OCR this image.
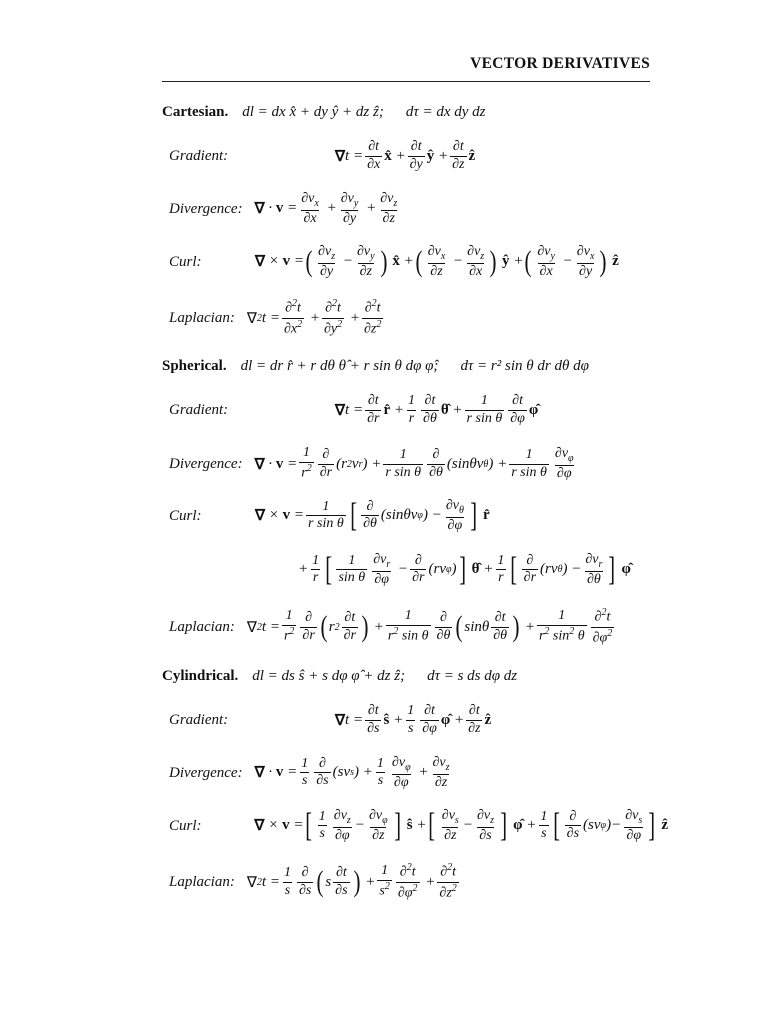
VECTOR DERIVATIVES
Cartesian. dl = dx x̂ + dy ŷ + dz ẑ; dτ = dx dy dz
Gradient:	∇ $t = \frac{\partial t}{\partial x}$ x̂ + $\frac{\partial t}{\partial y}$ ŷ + $\frac{\partial t}{\partial z}$ ẑ
Divergence: ∇ · $v = \frac{\partial v_x}{\partial x} + \frac{\partial v_y}{\partial y} + \frac{\partial v_z}{\partial z}$
Curl:	∇ × v = ( $\frac{\partial v_z}{\partial y} - \frac{\partial v_y}{\partial z}$ )
x̂ + ( $\frac{\partial v_x}{\partial z} - \frac{\partial v_z}{\partial x}$ )
ŷ + ( $\frac{\partial v_y}{\partial x} - \frac{\partial v_x}{\partial y}$ )
ẑ
Laplacian: ∇ 2 $t = \frac{\partial^2t}{\partial x^2} + \frac{\partial^2t}{\partial y^2} + \frac{\partial^2t}{\partial z^2}$
Spherical. dl = dr r̂ + r dθ θ̂ + r sin θ dφ φ̂; dτ = r² sin θ dr dθ dφ
Gradient:	∇ $t = \frac{\partial t}{\partial r}$ r̂ + $\frac{1}{r} \frac{\partial t}{\partial\theta}$ θ̂ + $\frac{1}{\text{r sin θ}} \frac{\partial t}{\partial\varphi}$ φ̂
Divergence: ∇ · $v = \frac{1}{r^2} \frac{\partial}{\partial r}$ ( r 2 v r ) + $\frac{1}{\text{r sin θ}} \frac{\partial}{\partial\theta} (\sin$ θ v θ ) + $\frac{1}{\text{r sin θ}} \frac{\partial v_\varphi}{\partial\varphi}$
Curl:	∇ × $v = \frac{1}{\text{r sin θ}}$ [ $\frac{\partial}{\partial\theta} (\sin$ θ v φ ) − $\frac{\partial v_\theta}{\partial\varphi}$ ]
r̂
+ $\frac{1}{r}$ [ $\frac{1}{\text{sin θ}} \frac{\partial v_r}{\partial\varphi} - \frac{\partial}{\partial r}$ ( r v φ ) ]
θ̂ + $\frac{1}{r}$ [ $\frac{\partial}{\partial r}$ ( r v θ ) − $\frac{\partial v_r}{\partial\theta}$ ]
φ̂
Laplacian: ∇ 2 $t = \frac{1}{r^2} \frac{\partial}{\partial r}$ ( r $2 \frac{\partial t}{\partial r}$ ) + $\frac{1}{r^2 \sin \theta} \frac{\partial}{\partial\theta}$ ( sin θ $\frac{\partial t}{\partial\theta}$ ) + $\frac{1}{r^2 \sin^2 \theta} \frac{\partial^2t}{\partial\varphi^2}$
Cylindrical. dl = ds ŝ + s dφ φ̂ + dz ẑ; dτ = s ds dφ dz
Gradient:	∇ $t = \frac{\partial t}{\partial s}$ ŝ + $\frac{1}{s} \frac{\partial t}{\partial\varphi}$ φ̂ + $\frac{\partial t}{\partial z}$ ẑ
Divergence: ∇ · $v = \frac{1}{s} \frac{\partial}{\partial s}$ ( s v s ) + $\frac{1}{s} \frac{\partial v_\varphi}{\partial\varphi} + \frac{\partial v_z}{\partial z}$
Curl:	∇ × v = [ $\frac{1}{s} \frac{\partial v_z}{\partial\varphi} - \frac{\partial v_\varphi}{\partial z}$ ]
ŝ + [ $\frac{\partial v_s}{\partial z} - \frac{\partial v_z}{\partial s}$ ]
φ̂ + $\frac{1}{s}$ [ $\frac{\partial}{\partial s}$ ( s v φ )− $\frac{\partial v_s}{\partial\varphi}$ ]
ẑ
Laplacian: ∇ 2 $t = \frac{1}{s} \frac{\partial}{\partial s}$ ( s $\frac{\partial t}{\partial s}$ ) + $\frac{1}{s^2} \frac{\partial^2t}{\partial\varphi^2} + \frac{\partial^2t}{\partial z^2}$
